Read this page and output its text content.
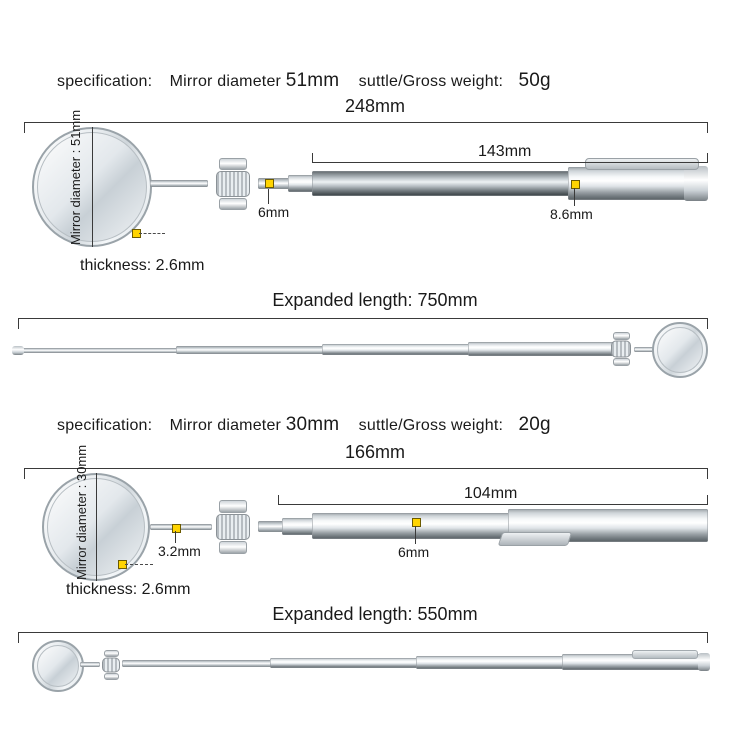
specification: Mirror diameter 51mm suttle/Gross weight: 50g
248mm
Mirror diameter : 51mm
thickness: 2.6mm
6mm
143mm
8.6mm
Expanded length: 750mm
specification: Mirror diameter 30mm suttle/Gross weight: 20g
166mm
Mirror diameter : 30mm
thickness: 2.6mm
3.2mm
104mm
6mm
Expanded length: 550mm
